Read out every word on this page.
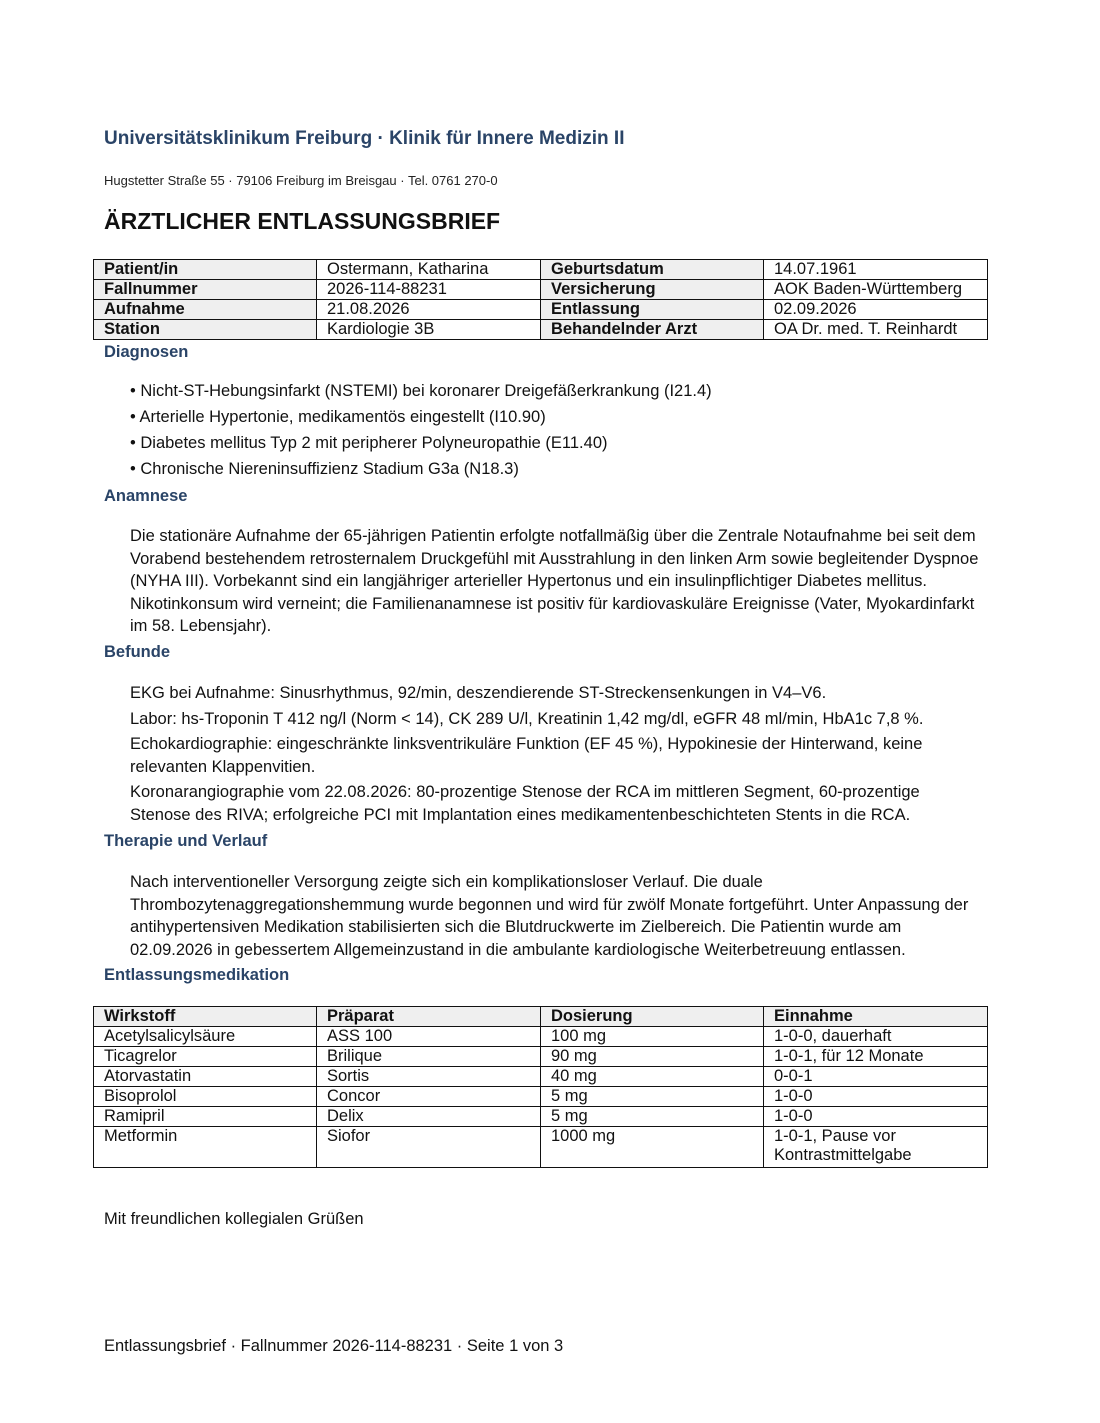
Universitätsklinikum Freiburg · Klinik für Innere Medizin II
Hugstetter Straße 55 · 79106 Freiburg im Breisgau · Tel. 0761 270-0
ÄRZTLICHER ENTLASSUNGSBRIEF
Patient/in	Ostermann, Katharina	Geburtsdatum	14.07.1961
Fallnummer	2026-114-88231	Versicherung	AOK Baden-Württemberg
Aufnahme	21.08.2026	Entlassung	02.09.2026
Station	Kardiologie 3B	Behandelnder Arzt	OA Dr. med. T. Reinhardt
Diagnosen
• Nicht-ST-Hebungsinfarkt (NSTEMI) bei koronarer Dreigefäßerkrankung (I21.4)
• Arterielle Hypertonie, medikamentös eingestellt (I10.90)
• Diabetes mellitus Typ 2 mit peripherer Polyneuropathie (E11.40)
• Chronische Niereninsuffizienz Stadium G3a (N18.3)
Anamnese
Die stationäre Aufnahme der 65-jährigen Patientin erfolgte notfallmäßig über die Zentrale Notaufnahme bei seit dem Vorabend bestehendem retrosternalem Druckgefühl mit Ausstrahlung in den linken Arm sowie begleitender Dyspnoe (NYHA III). Vorbekannt sind ein langjähriger arterieller Hypertonus und ein insulinpflichtiger Diabetes mellitus. Nikotinkonsum wird verneint; die Familienanamnese ist positiv für kardiovaskuläre Ereignisse (Vater, Myokardinfarkt im 58. Lebensjahr).
Befunde
EKG bei Aufnahme: Sinusrhythmus, 92/min, deszendierende ST-Streckensenkungen in V4–V6.
Labor: hs-Troponin T 412 ng/l (Norm < 14), CK 289 U/l, Kreatinin 1,42 mg/dl, eGFR 48 ml/min, HbA1c 7,8 %.
Echokardiographie: eingeschränkte linksventrikuläre Funktion (EF 45 %), Hypokinesie der Hinterwand, keine relevanten Klappenvitien.
Koronarangiographie vom 22.08.2026: 80-prozentige Stenose der RCA im mittleren Segment, 60-prozentige Stenose des RIVA; erfolgreiche PCI mit Implantation eines medikamentenbeschichteten Stents in die RCA.
Therapie und Verlauf
Nach interventioneller Versorgung zeigte sich ein komplikationsloser Verlauf. Die duale Thrombozytenaggregationshemmung wurde begonnen und wird für zwölf Monate fortgeführt. Unter Anpassung der antihypertensiven Medikation stabilisierten sich die Blutdruckwerte im Zielbereich. Die Patientin wurde am 02.09.2026 in gebessertem Allgemeinzustand in die ambulante kardiologische Weiterbetreuung entlassen.
Entlassungsmedikation
Wirkstoff	Präparat	Dosierung	Einnahme
Acetylsalicylsäure	ASS 100	100 mg	1-0-0, dauerhaft
Ticagrelor	Brilique	90 mg	1-0-1, für 12 Monate
Atorvastatin	Sortis	40 mg	0-0-1
Bisoprolol	Concor	5 mg	1-0-0
Ramipril	Delix	5 mg	1-0-0
Metformin	Siofor	1000 mg	1-0-1, Pause vor Kontrastmittelgabe
Mit freundlichen kollegialen Grüßen
Entlassungsbrief · Fallnummer 2026-114-88231 · Seite 1 von 3
